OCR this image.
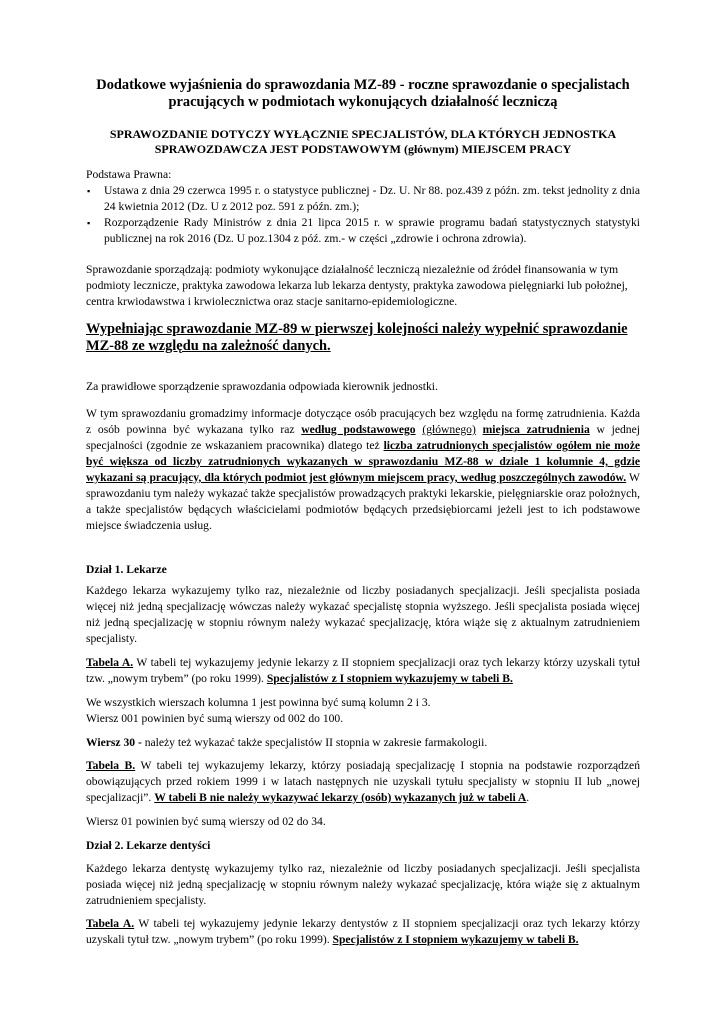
Dodatkowe wyjaśnienia do sprawozdania MZ-89 - roczne sprawozdanie o specjalistach pracujących w podmiotach wykonujących działalność leczniczą
SPRAWOZDANIE DOTYCZY WYŁĄCZNIE SPECJALISTÓW, DLA KTÓRYCH JEDNOSTKA SPRAWOZDAWCZA JEST PODSTAWOWYM (głównym) MIEJSCEM PRACY
Podstawa Prawna:
▪ Ustawa z dnia 29 czerwca 1995 r. o statystyce publicznej - Dz. U. Nr 88. poz.439 z późn. zm. tekst jednolity z dnia 24 kwietnia 2012 (Dz. U z 2012 poz. 591 z późn. zm.);
▪ Rozporządzenie Rady Ministrów z dnia 21 lipca 2015 r. w sprawie programu badań statystycznych statystyki publicznej na rok 2016 (Dz. U poz.1304 z póź. zm.- w części „zdrowie i ochrona zdrowia).

Sprawozdanie sporządzają: podmioty wykonujące działalność leczniczą niezależnie od źródeł finansowania w tym podmioty lecznicze, praktyka zawodowa lekarza lub lekarza dentysty, praktyka zawodowa pielęgniarki lub położnej, centra krwiodawstwa i krwiolecznictwa oraz stacje sanitarno-epidemiologiczne.

Wypełniając sprawozdanie MZ-89 w pierwszej kolejności należy wypełnić sprawozdanie MZ-88 ze względu na zależność danych.

Za prawidłowe sporządzenie sprawozdania odpowiada kierownik jednostki.

W tym sprawozdaniu gromadzimy informacje dotyczące osób pracujących bez względu na formę zatrudnienia. Każda z osób powinna być wykazana tylko raz według podstawowego (głównego) miejsca zatrudnienia w jednej specjalności (zgodnie ze wskazaniem pracownika) dlatego też liczba zatrudnionych specjalistów ogółem nie może być większa od liczby zatrudnionych wykazanych w sprawozdaniu MZ-88 w dziale 1 kolumnie 4, gdzie wykazani są pracujący, dla których podmiot jest głównym miejscem pracy, według poszczególnych zawodów. W sprawozdaniu tym należy wykazać także specjalistów prowadzących praktyki lekarskie, pielęgniarskie oraz położnych, a także specjalistów będących właścicielami podmiotów będących przedsiębiorcami jeżeli jest to ich podstawowe miejsce świadczenia usług.

Dział 1. Lekarze

Każdego lekarza wykazujemy tylko raz, niezależnie od liczby posiadanych specjalizacji. Jeśli specjalista posiada więcej niż jedną specjalizację wówczas należy wykazać specjalistę stopnia wyższego. Jeśli specjalista posiada więcej niż jedną specjalizację w stopniu równym należy wykazać specjalizację, która wiąże się z aktualnym zatrudnieniem specjalisty.

Tabela A. W tabeli tej wykazujemy jedynie lekarzy z II stopniem specjalizacji oraz tych lekarzy którzy uzyskali tytuł tzw. „nowym trybem” (po roku 1999). Specjalistów z I stopniem wykazujemy w tabeli B.

We wszystkich wierszach kolumna 1 jest powinna być sumą kolumn 2 i 3.
Wiersz 001 powinien być sumą wierszy od 002 do 100.

Wiersz 30 - należy też wykazać także specjalistów II stopnia w zakresie farmakologii.

Tabela B. W tabeli tej wykazujemy lekarzy, którzy posiadają specjalizację I stopnia na podstawie rozporządzeń obowiązujących przed rokiem 1999 i w latach następnych nie uzyskali tytułu specjalisty w stopniu II lub „nowej specjalizacji”. W tabeli B nie należy wykazywać lekarzy (osób) wykazanych już w tabeli A.

Wiersz 01 powinien być sumą wierszy od 02 do 34.

Dział 2. Lekarze dentyści

Każdego lekarza dentystę wykazujemy tylko raz, niezależnie od liczby posiadanych specjalizacji. Jeśli specjalista posiada więcej niż jedną specjalizację w stopniu równym należy wykazać specjalizację, która wiąże się z aktualnym zatrudnieniem specjalisty.

Tabela A. W tabeli tej wykazujemy jedynie lekarzy dentystów z II stopniem specjalizacji oraz tych lekarzy którzy uzyskali tytuł tzw. „nowym trybem” (po roku 1999). Specjalistów z I stopniem wykazujemy w tabeli B.
